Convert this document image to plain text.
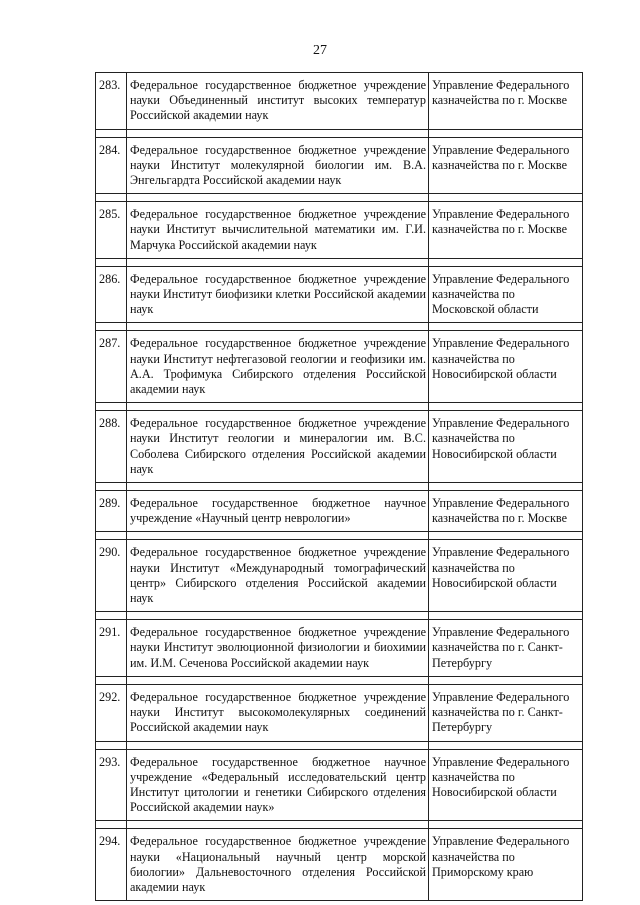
27
283.	Федеральное государственное бюджетное учреждение науки Объединенный институт высоких температур Российской академии наук	Управление Федерального казначейства по г. Москве

284.	Федеральное государственное бюджетное учреждение науки Институт молекулярной биологии им. В.А. Энгельгардта Российской академии наук	Управление Федерального казначейства по г. Москве

285.	Федеральное государственное бюджетное учреждение науки Институт вычислительной математики им. Г.И. Марчука Российской академии наук	Управление Федерального казначейства по г. Москве

286.	Федеральное государственное бюджетное учреждение науки Институт биофизики клетки Российской академии наук	Управление Федерального казначейства по Московской области

287.	Федеральное государственное бюджетное учреждение науки Институт нефтегазовой геологии и геофизики им. А.А. Трофимука Сибирского отделения Российской академии наук	Управление Федерального казначейства по Новосибирской области

288.	Федеральное государственное бюджетное учреждение науки Институт геологии и минералогии им. В.С. Соболева Сибирского отделения Российской академии наук	Управление Федерального казначейства по Новосибирской области

289.	Федеральное государственное бюджетное научное учреждение «Научный центр неврологии»	Управление Федерального казначейства по г. Москве

290.	Федеральное государственное бюджетное учреждение науки Институт «Международный томографический центр» Сибирского отделения Российской академии наук	Управление Федерального казначейства по Новосибирской области

291.	Федеральное государственное бюджетное учреждение науки Институт эволюционной физиологии и биохимии им. И.М. Сеченова Российской академии наук	Управление Федерального казначейства по г. Санкт-Петербургу

292.	Федеральное государственное бюджетное учреждение науки Институт высокомолекулярных соединений Российской академии наук	Управление Федерального казначейства по г. Санкт-Петербургу

293.	Федеральное государственное бюджетное научное учреждение «Федеральный исследовательский центр Институт цитологии и генетики Сибирского отделения Российской академии наук»	Управление Федерального казначейства по Новосибирской области

294.	Федеральное государственное бюджетное учреждение науки «Национальный научный центр морской биологии» Дальневосточного отделения Российской академии наук	Управление Федерального казначейства по Приморскому краю
